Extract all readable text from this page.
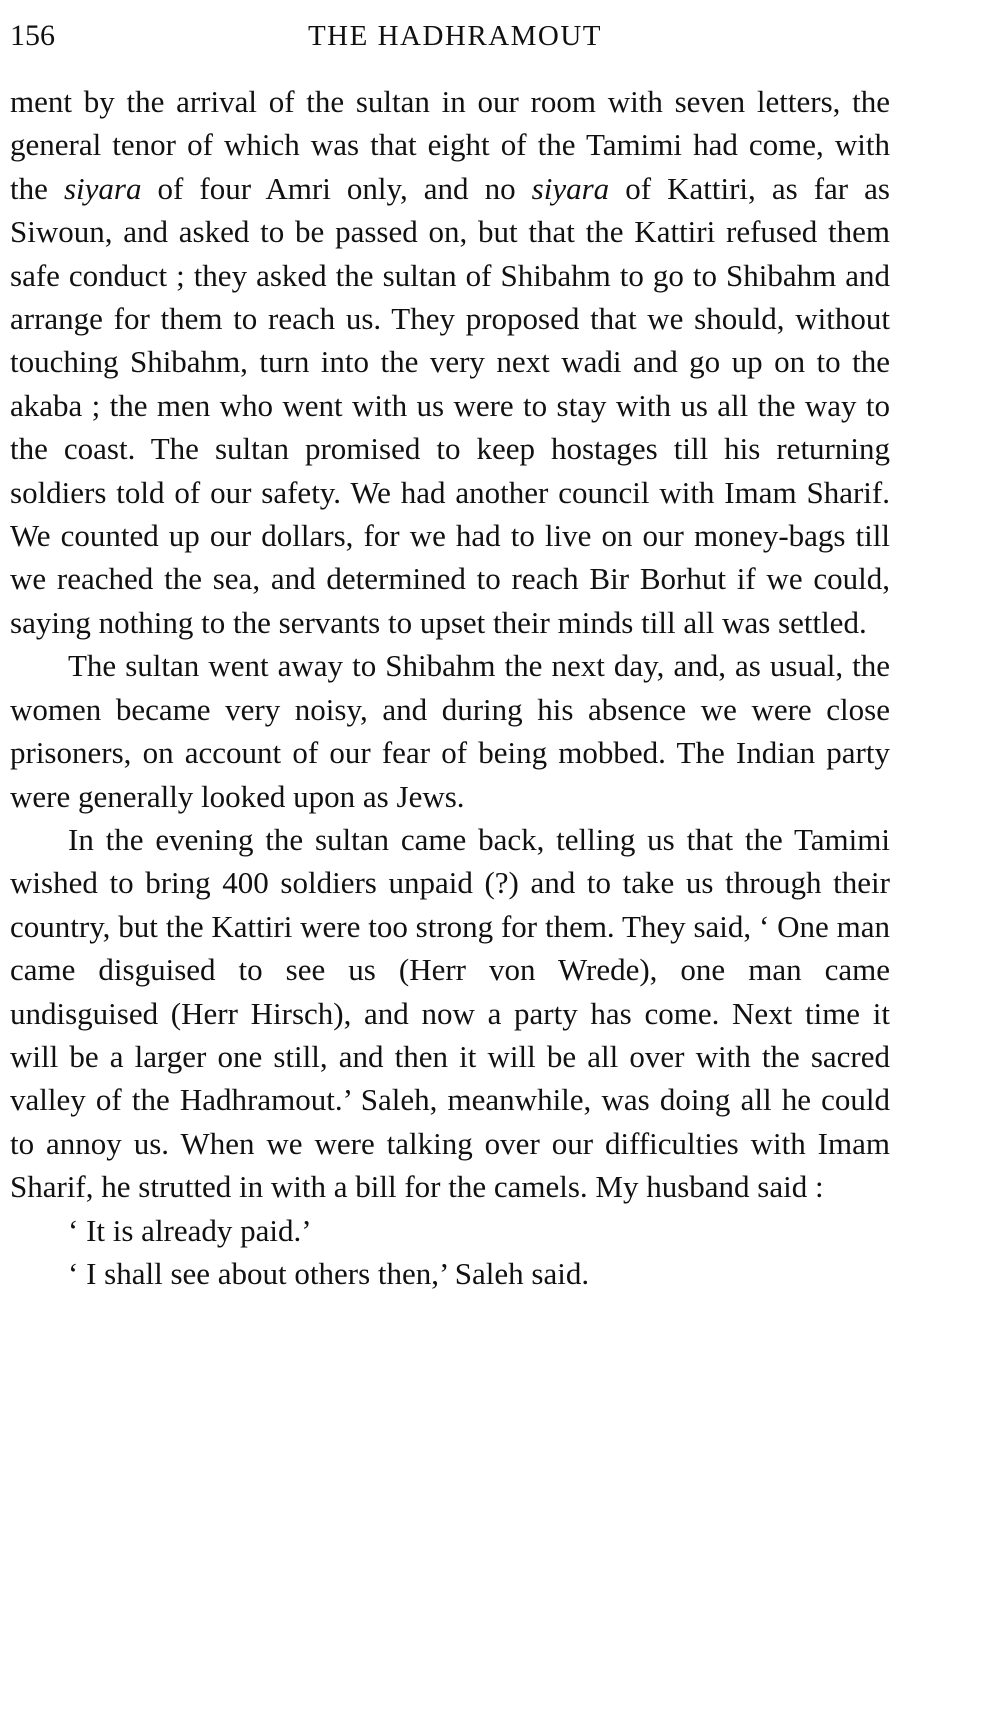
156	THE HADHRAMOUT

ment by the arrival of the sultan in our room with seven letters, the general tenor of which was that eight of the Tamimi had come, with the siyara of four Amri only, and no siyara of Kattiri, as far as Siwoun, and asked to be passed on, but that the Kattiri refused them safe conduct ; they asked the sultan of Shibahm to go to Shibahm and arrange for them to reach us. They proposed that we should, without touching Shibahm, turn into the very next wadi and go up on to the akaba ; the men who went with us were to stay with us all the way to the coast. The sultan promised to keep hostages till his returning soldiers told of our safety. We had another council with Imam Sharif. We counted up our dollars, for we had to live on our money-bags till we reached the sea, and determined to reach Bir Borhut if we could, saying nothing to the servants to upset their minds till all was settled.

The sultan went away to Shibahm the next day, and, as usual, the women became very noisy, and during his absence we were close prisoners, on account of our fear of being mobbed. The Indian party were generally looked upon as Jews.

In the evening the sultan came back, telling us that the Tamimi wished to bring 400 soldiers unpaid (?) and to take us through their country, but the Kattiri were too strong for them. They said, ‘ One man came disguised to see us (Herr von Wrede), one man came undisguised (Herr Hirsch), and now a party has come. Next time it will be a larger one still, and then it will be all over with the sacred valley of the Hadhramout.’ Saleh, meanwhile, was doing all he could to annoy us. When we were talking over our difficulties with Imam Sharif, he strutted in with a bill for the camels. My husband said :

‘ It is already paid.’

‘ I shall see about others then,’ Saleh said.
